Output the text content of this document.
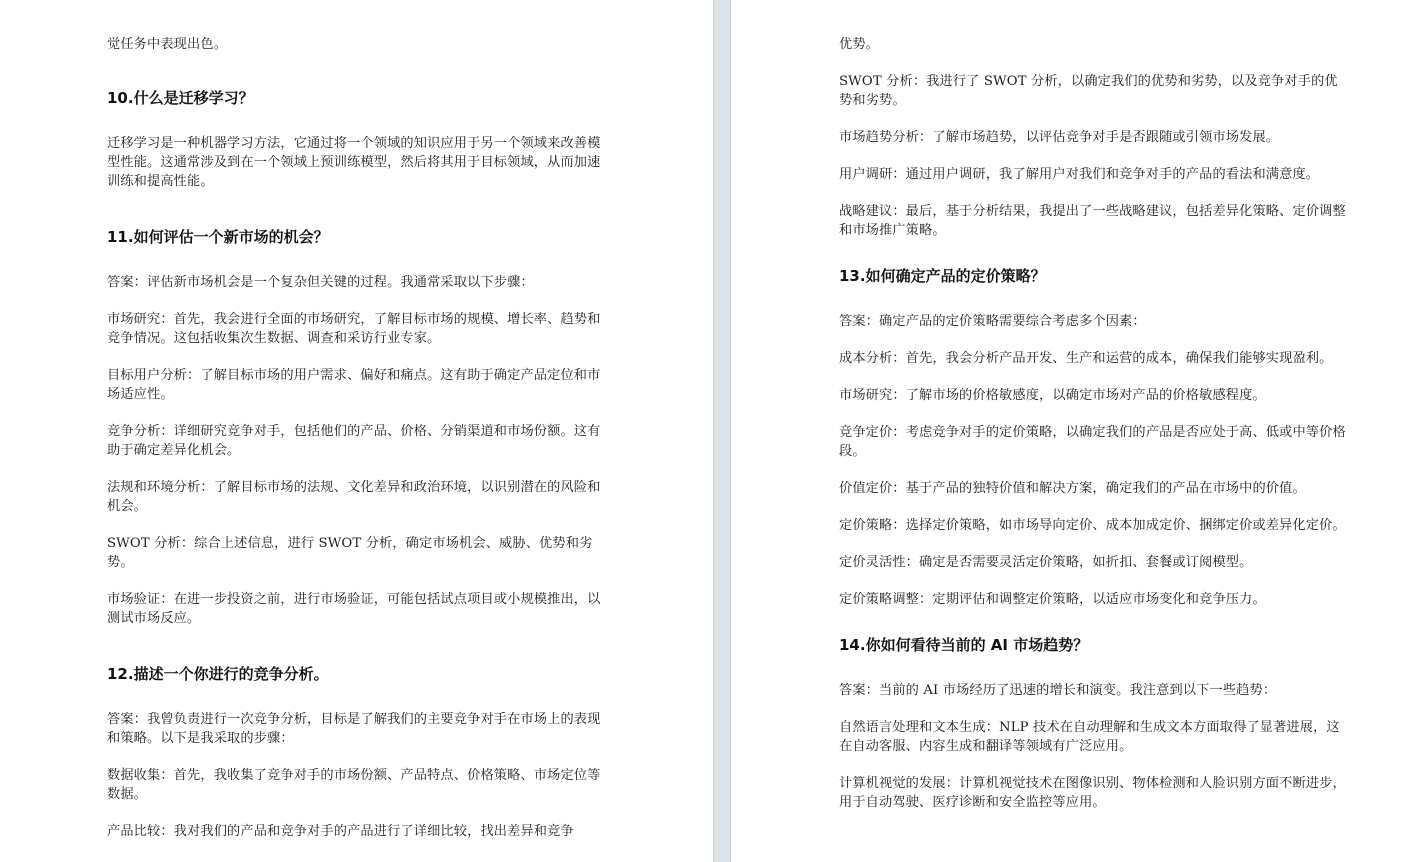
觉任务中表现出色。

10.什么是迁移学习？

迁移学习是一种机器学习方法，它通过将一个领域的知识应用于另一个领域来改善模型性能。这通常涉及到在一个领域上预训练模型，然后将其用于目标领域，从而加速训练和提高性能。

11.如何评估一个新市场的机会？

答案：评估新市场机会是一个复杂但关键的过程。我通常采取以下步骤：

市场研究：首先，我会进行全面的市场研究，了解目标市场的规模、增长率、趋势和竞争情况。这包括收集次生数据、调查和采访行业专家。

目标用户分析：了解目标市场的用户需求、偏好和痛点。这有助于确定产品定位和市场适应性。

竞争分析：详细研究竞争对手，包括他们的产品、价格、分销渠道和市场份额。这有助于确定差异化机会。

法规和环境分析：了解目标市场的法规、文化差异和政治环境，以识别潜在的风险和机会。

SWOT 分析：综合上述信息，进行 SWOT 分析，确定市场机会、威胁、优势和劣势。

市场验证：在进一步投资之前，进行市场验证，可能包括试点项目或小规模推出，以测试市场反应。

12.描述一个你进行的竞争分析。

答案：我曾负责进行一次竞争分析，目标是了解我们的主要竞争对手在市场上的表现和策略。以下是我采取的步骤：

数据收集：首先，我收集了竞争对手的市场份额、产品特点、价格策略、市场定位等数据。

产品比较：我对我们的产品和竞争对手的产品进行了详细比较，找出差异和竞争

优势。

SWOT 分析：我进行了 SWOT 分析，以确定我们的优势和劣势，以及竞争对手的优势和劣势。

市场趋势分析：了解市场趋势，以评估竞争对手是否跟随或引领市场发展。

用户调研：通过用户调研，我了解用户对我们和竞争对手的产品的看法和满意度。

战略建议：最后，基于分析结果，我提出了一些战略建议，包括差异化策略、定价调整和市场推广策略。

13.如何确定产品的定价策略？

答案：确定产品的定价策略需要综合考虑多个因素：

成本分析：首先，我会分析产品开发、生产和运营的成本，确保我们能够实现盈利。

市场研究：了解市场的价格敏感度，以确定市场对产品的价格敏感程度。

竞争定价：考虑竞争对手的定价策略，以确定我们的产品是否应处于高、低或中等价格段。

价值定价：基于产品的独特价值和解决方案，确定我们的产品在市场中的价值。

定价策略：选择定价策略，如市场导向定价、成本加成定价、捆绑定价或差异化定价。

定价灵活性：确定是否需要灵活定价策略，如折扣、套餐或订阅模型。

定价策略调整：定期评估和调整定价策略，以适应市场变化和竞争压力。

14.你如何看待当前的 AI 市场趋势？

答案：当前的 AI 市场经历了迅速的增长和演变。我注意到以下一些趋势：

自然语言处理和文本生成：NLP 技术在自动理解和生成文本方面取得了显著进展，这在自动客服、内容生成和翻译等领域有广泛应用。

计算机视觉的发展：计算机视觉技术在图像识别、物体检测和人脸识别方面不断进步，用于自动驾驶、医疗诊断和安全监控等应用。
